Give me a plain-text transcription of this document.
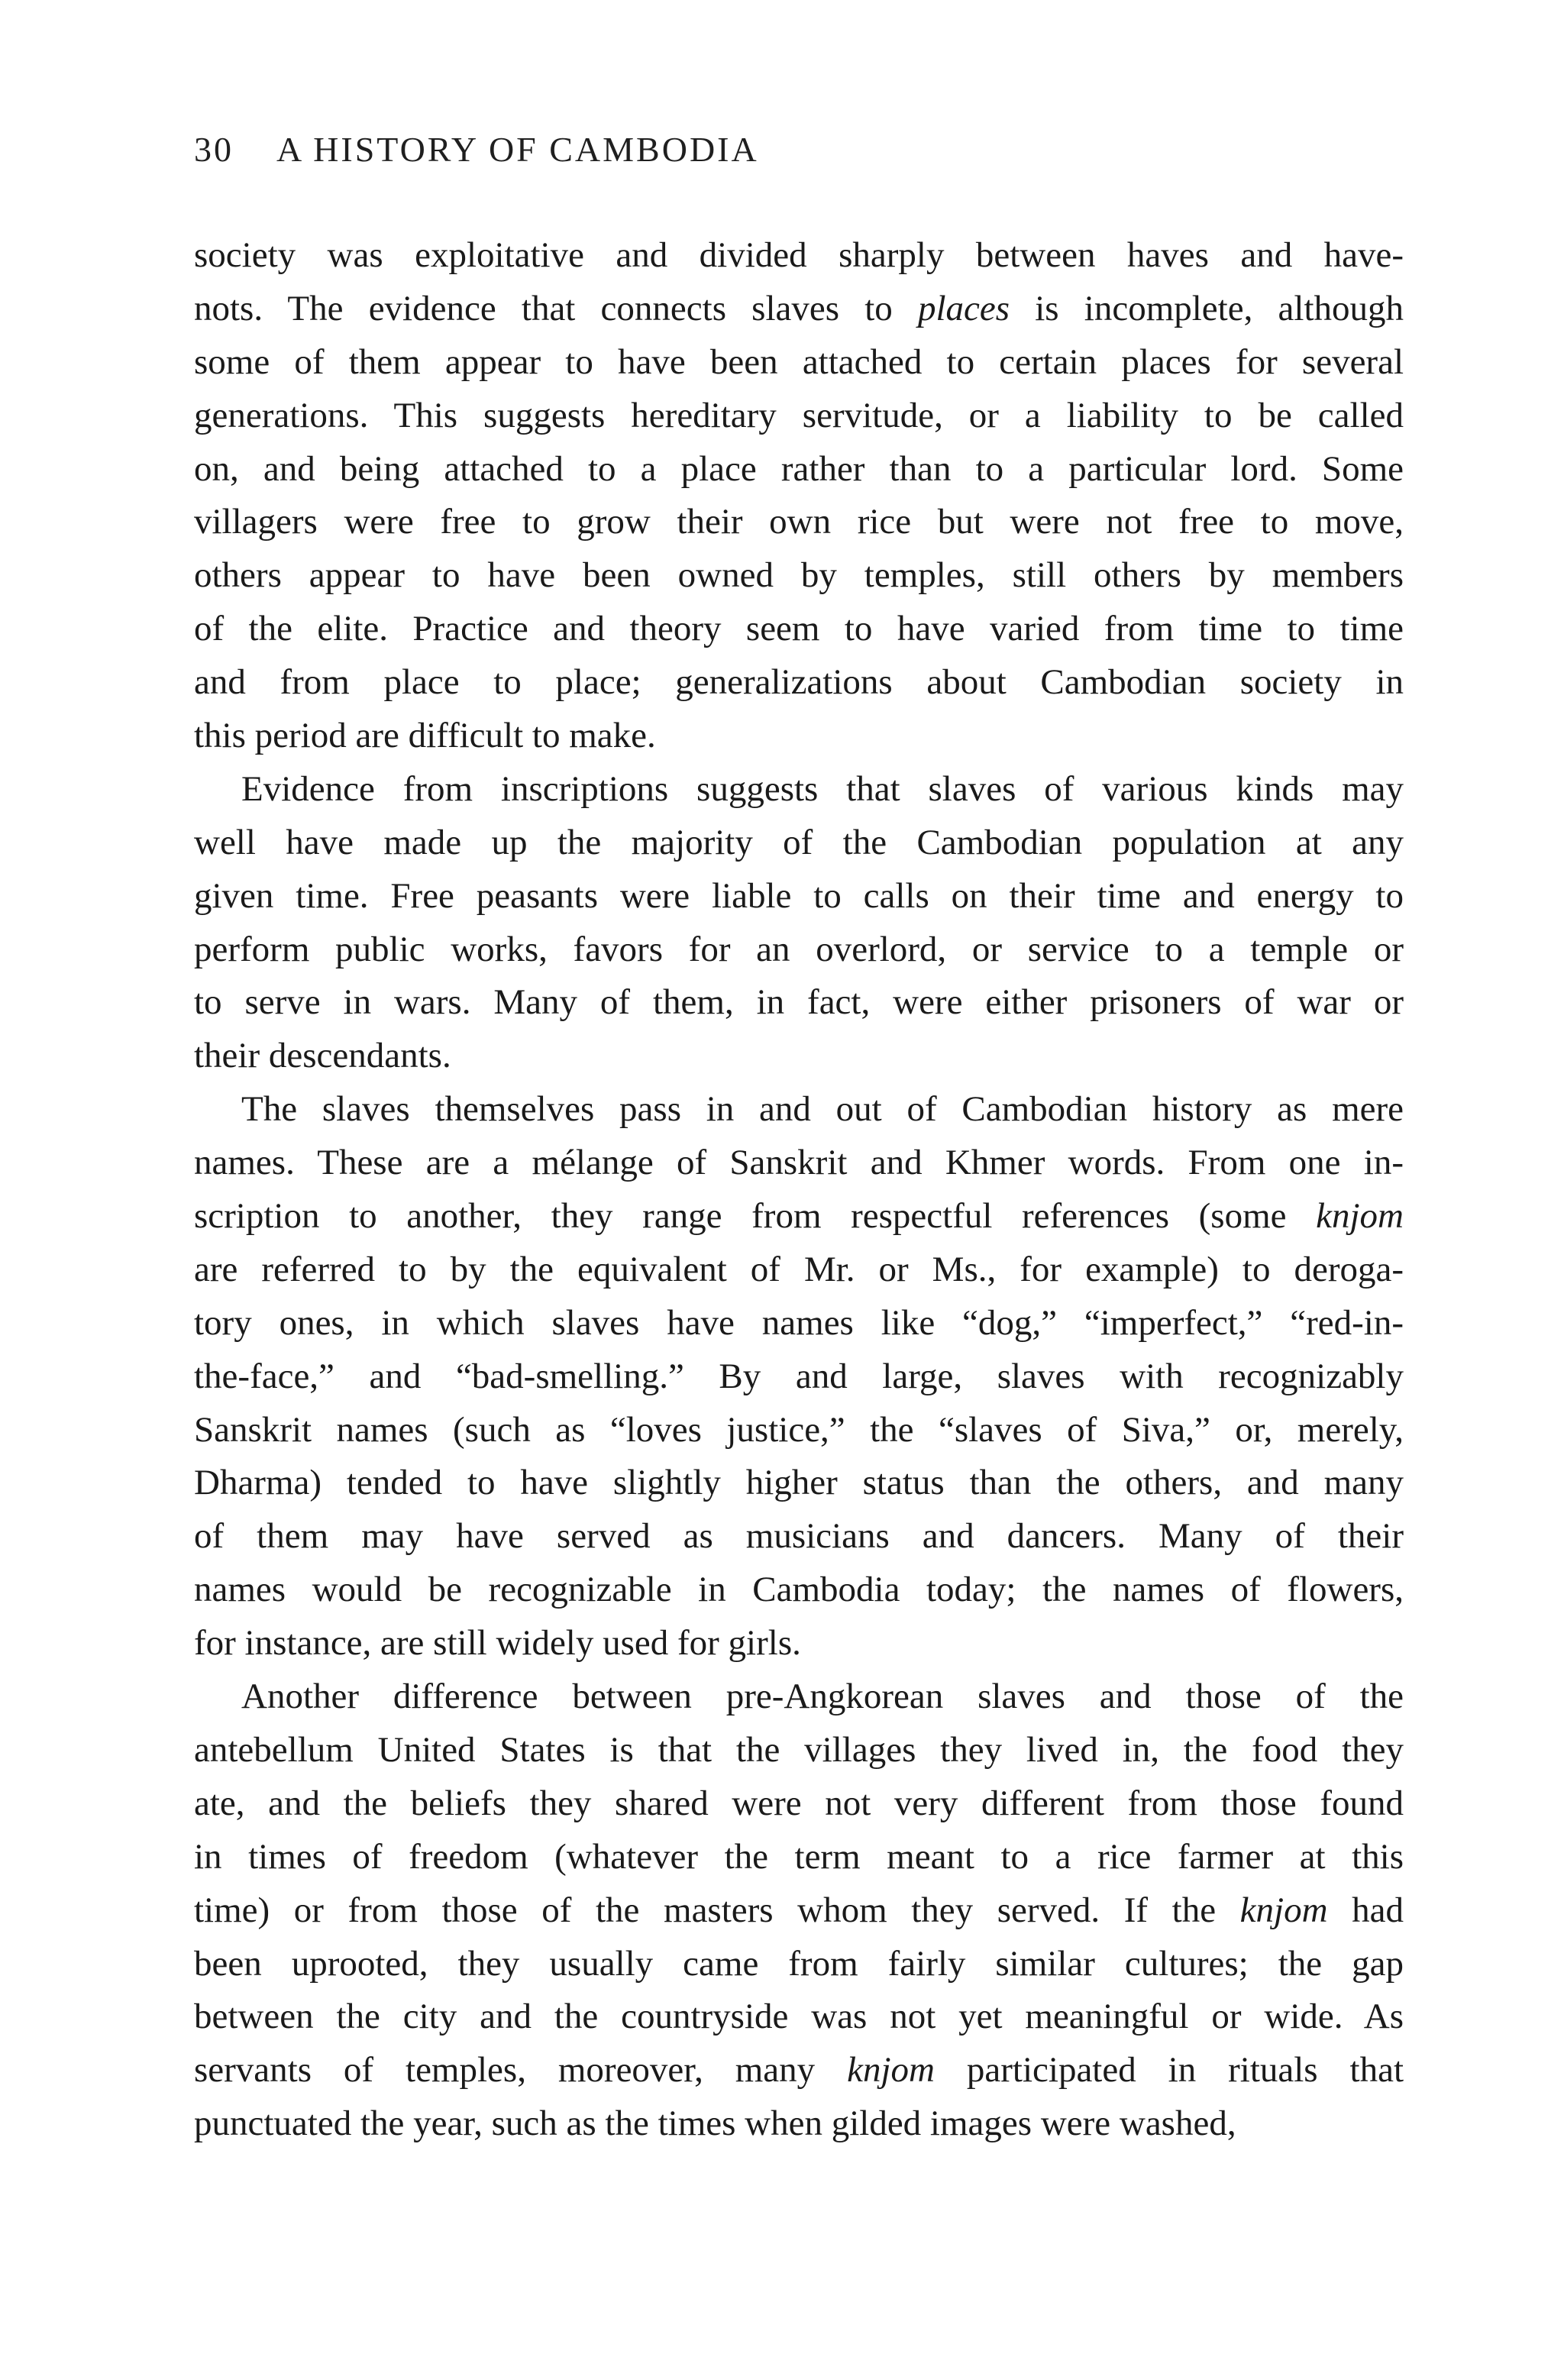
30 A HISTORY OF CAMBODIA
society was exploitative and divided sharply between haves and have-
nots. The evidence that connects slaves to places is incomplete, although
some of them appear to have been attached to certain places for several
generations. This suggests hereditary servitude, or a liability to be called
on, and being attached to a place rather than to a particular lord. Some
villagers were free to grow their own rice but were not free to move,
others appear to have been owned by temples, still others by members
of the elite. Practice and theory seem to have varied from time to time
and from place to place; generalizations about Cambodian society in
this period are difficult to make.
Evidence from inscriptions suggests that slaves of various kinds may
well have made up the majority of the Cambodian population at any
given time. Free peasants were liable to calls on their time and energy to
perform public works, favors for an overlord, or service to a temple or
to serve in wars. Many of them, in fact, were either prisoners of war or
their descendants.
The slaves themselves pass in and out of Cambodian history as mere
names. These are a mélange of Sanskrit and Khmer words. From one in-
scription to another, they range from respectful references (some knjom
are referred to by the equivalent of Mr. or Ms., for example) to deroga-
tory ones, in which slaves have names like “dog,” “imperfect,” “red-in-
the-face,” and “bad-smelling.” By and large, slaves with recognizably
Sanskrit names (such as “loves justice,” the “slaves of Siva,” or, merely,
Dharma) tended to have slightly higher status than the others, and many
of them may have served as musicians and dancers. Many of their
names would be recognizable in Cambodia today; the names of flowers,
for instance, are still widely used for girls.
Another difference between pre-Angkorean slaves and those of the
antebellum United States is that the villages they lived in, the food they
ate, and the beliefs they shared were not very different from those found
in times of freedom (whatever the term meant to a rice farmer at this
time) or from those of the masters whom they served. If the knjom had
been uprooted, they usually came from fairly similar cultures; the gap
between the city and the countryside was not yet meaningful or wide. As
servants of temples, moreover, many knjom participated in rituals that
punctuated the year, such as the times when gilded images were washed,
